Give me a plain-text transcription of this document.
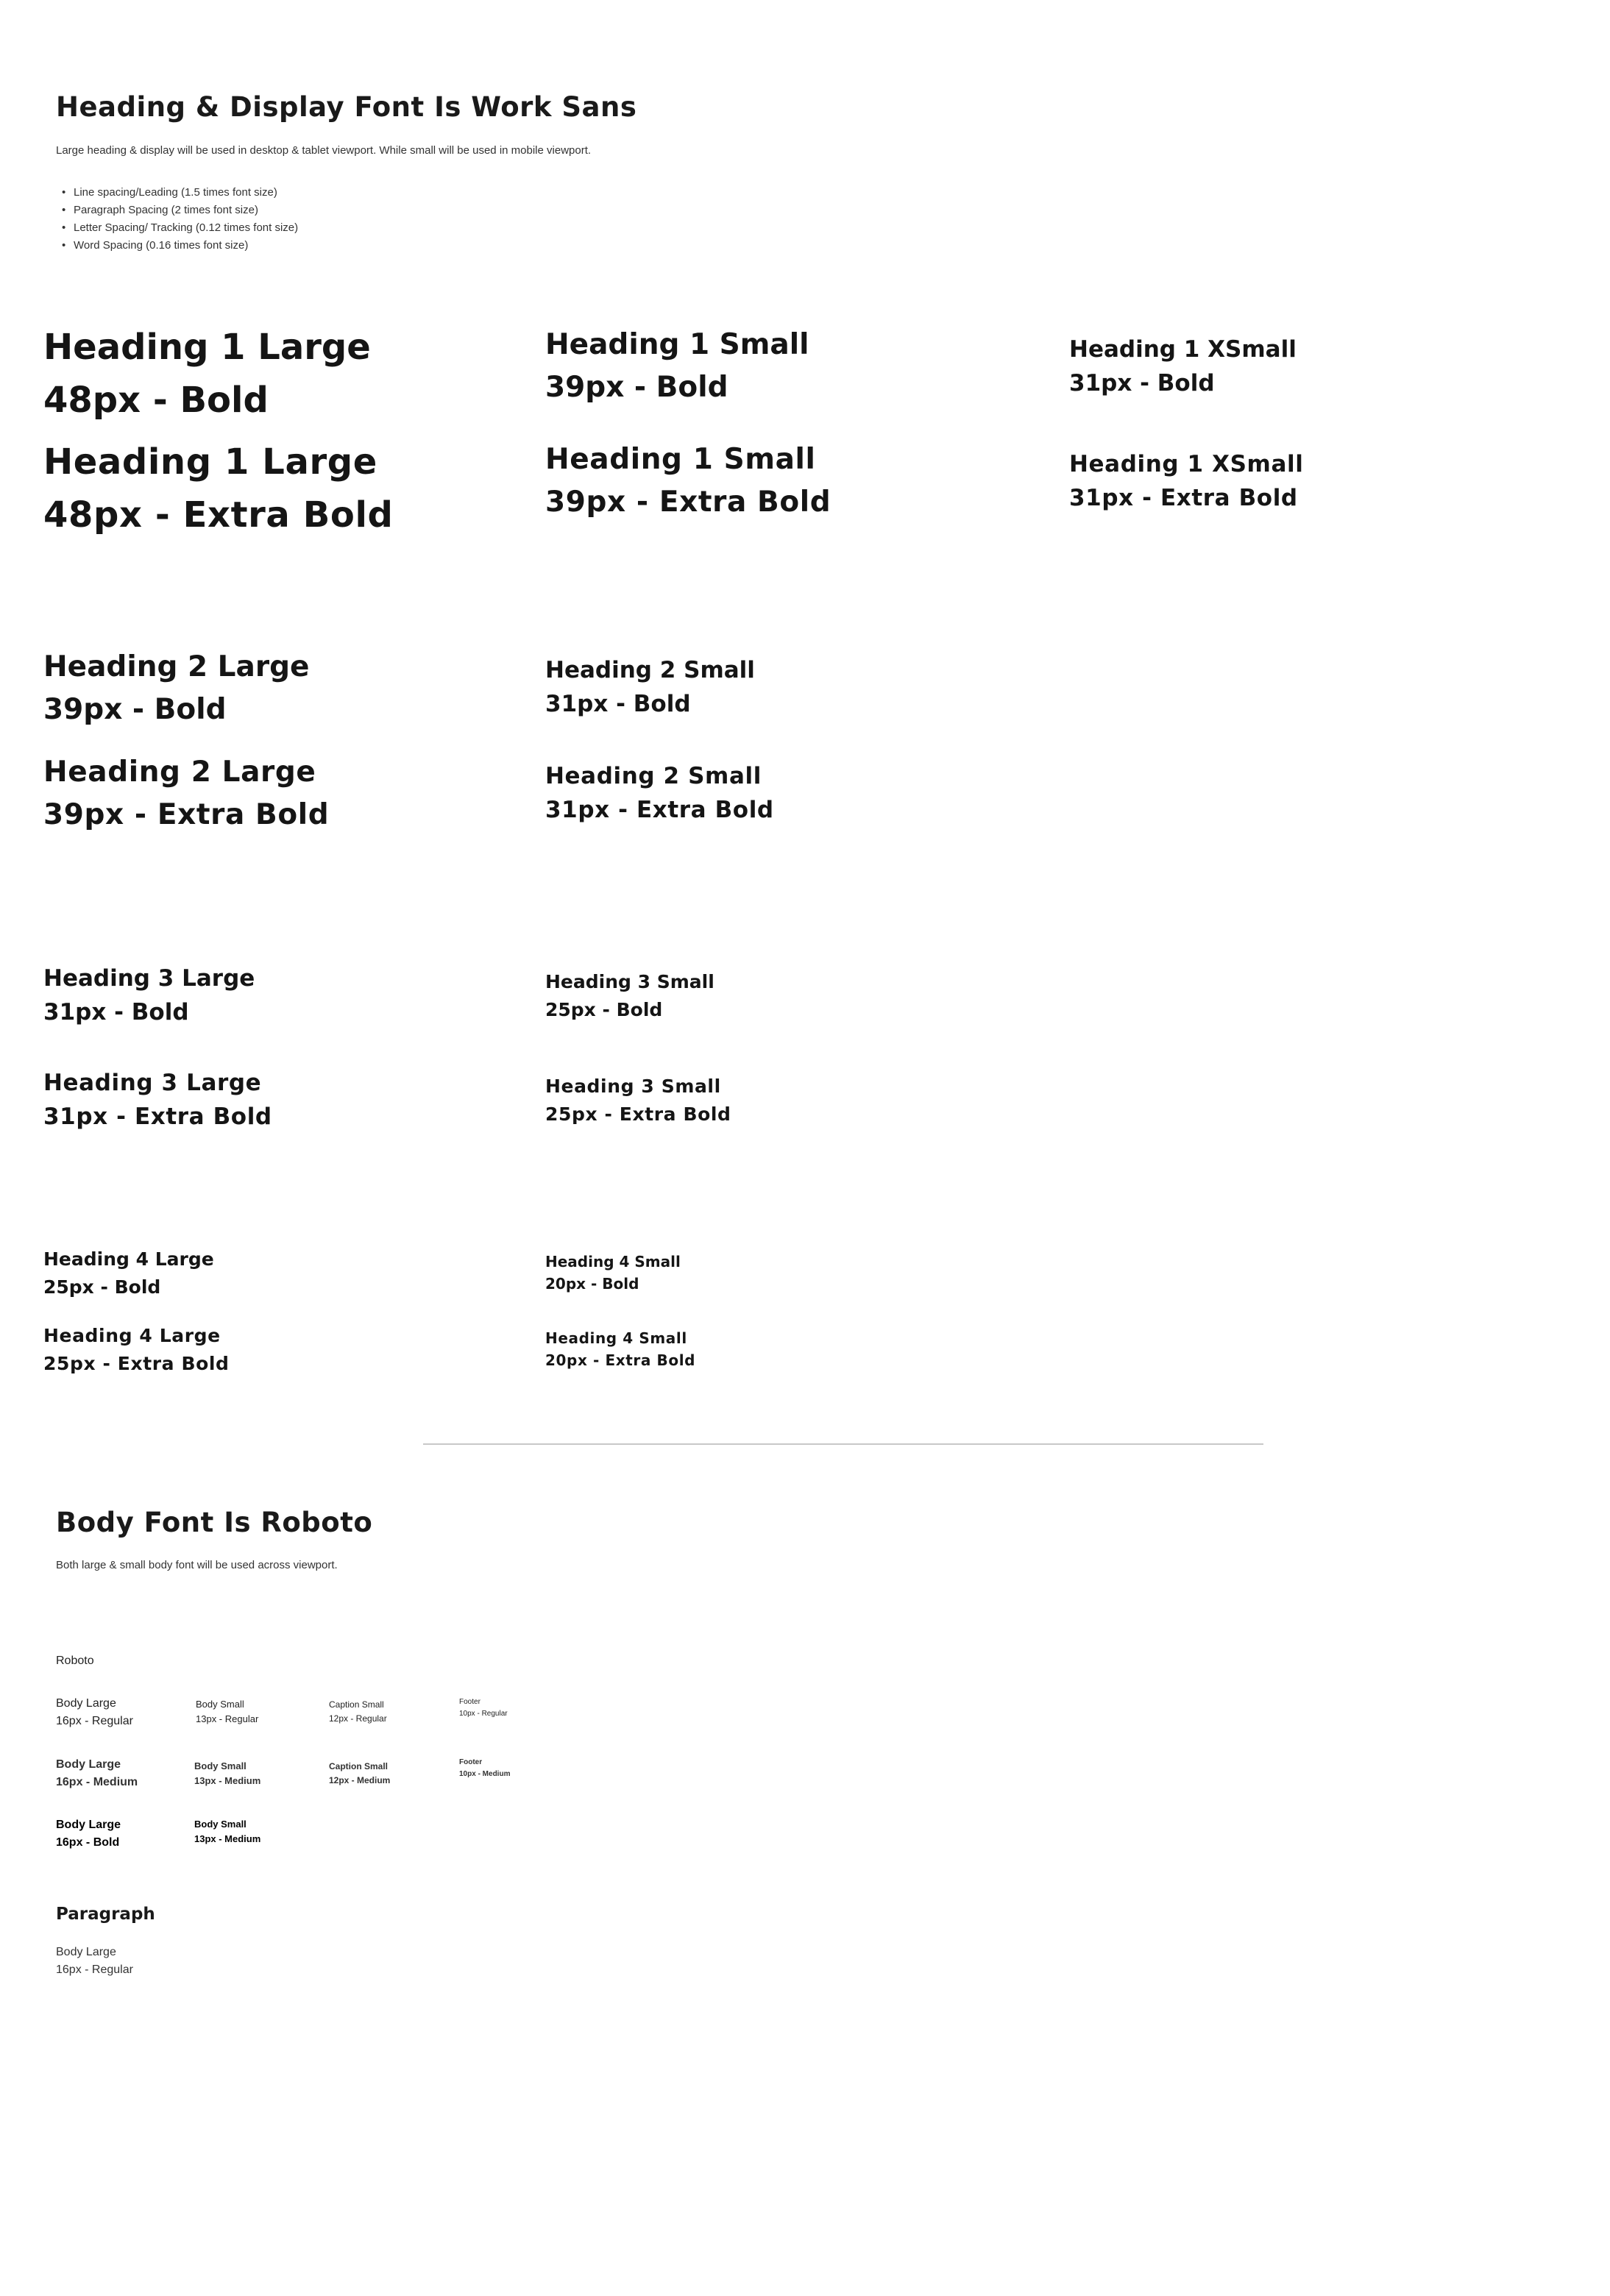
Heading & Display Font Is Work Sans
Large heading & display will be used in desktop & tablet viewport. While small will be used in mobile viewport.
• Line spacing/Leading (1.5 times font size)
• Paragraph Spacing (2 times font size)
• Letter Spacing/ Tracking (0.12 times font size)
• Word Spacing (0.16 times font size)
Heading 1 Large
48px - Bold
Heading 1 Large
48px - Extra Bold
Heading 1 Small
39px - Bold
Heading 1 Small
39px - Extra Bold
Heading 1 XSmall
31px - Bold
Heading 1 XSmall
31px - Extra Bold
Heading 2 Large
39px - Bold
Heading 2 Large
39px - Extra Bold
Heading 2 Small
31px - Bold
Heading 2 Small
31px - Extra Bold
Heading 3 Large
31px - Bold
Heading 3 Large
31px - Extra Bold
Heading 3 Small
25px - Bold
Heading 3 Small
25px - Extra Bold
Heading 4 Large
25px - Bold
Heading 4 Large
25px - Extra Bold
Heading 4 Small
20px - Bold
Heading 4 Small
20px - Extra Bold
Body Font Is Roboto
Both large & small body font will be used across viewport.
Roboto
Body Large
16px - Regular
Body Large
16px - Medium
Body Large
16px - Bold
Body Small
13px - Regular
Body Small
13px - Medium
Body Small
13px - Medium
Caption Small
12px - Regular
Caption Small
12px - Medium
Footer
10px - Regular
Footer
10px - Medium
Paragraph
Body Large
16px - Regular
